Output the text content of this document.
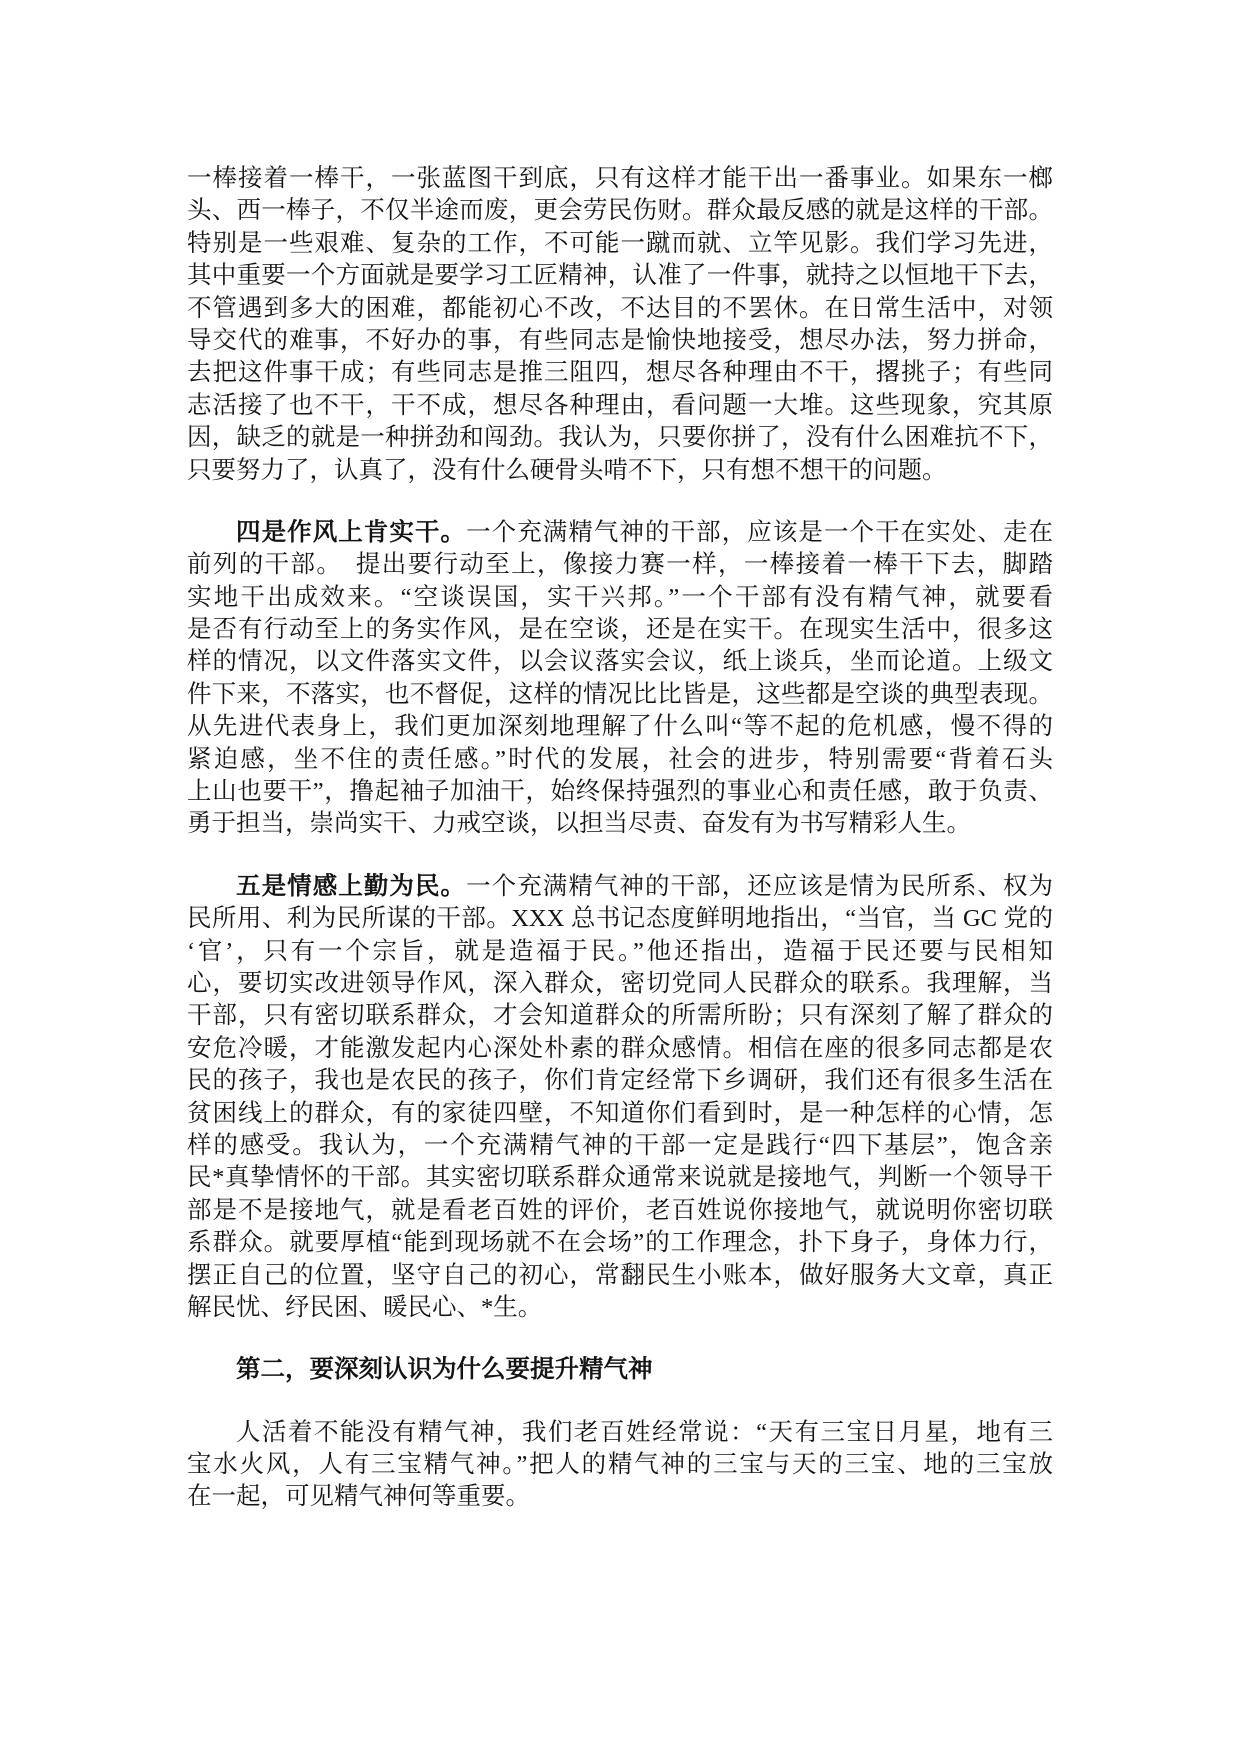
一棒接着一棒干，一张蓝图干到底，只有这样才能干出一番事业。如果东一榔
头、西一棒子，不仅半途而废，更会劳民伤财。群众最反感的就是这样的干部。
特别是一些艰难、复杂的工作，不可能一蹴而就、立竿见影。我们学习先进，
其中重要一个方面就是要学习工匠精神，认准了一件事，就持之以恒地干下去，
不管遇到多大的困难，都能初心不改，不达目的不罢休。在日常生活中，对领
导交代的难事，不好办的事，有些同志是愉快地接受，想尽办法，努力拼命，
去把这件事干成；有些同志是推三阻四，想尽各种理由不干，撂挑子；有些同
志活接了也不干，干不成，想尽各种理由，看问题一大堆。这些现象，究其原
因，缺乏的就是一种拼劲和闯劲。我认为，只要你拼了，没有什么困难抗不下，
只要努力了，认真了，没有什么硬骨头啃不下，只有想不想干的问题。
四是作风上肯实干。一个充满精气神的干部，应该是一个干在实处、走在
前列的干部。　提出要行动至上，像接力赛一样，一棒接着一棒干下去，脚踏
实地干出成效来。“空谈误国，实干兴邦。”一个干部有没有精气神，就要看
是否有行动至上的务实作风，是在空谈，还是在实干。在现实生活中，很多这
样的情况，以文件落实文件，以会议落实会议，纸上谈兵，坐而论道。上级文
件下来，不落实，也不督促，这样的情况比比皆是，这些都是空谈的典型表现。
从先进代表身上，我们更加深刻地理解了什么叫“等不起的危机感，慢不得的
紧迫感，坐不住的责任感。”时代的发展，社会的进步，特别需要“背着石头
上山也要干”，撸起袖子加油干，始终保持强烈的事业心和责任感，敢于负责、
勇于担当，崇尚实干、力戒空谈，以担当尽责、奋发有为书写精彩人生。
五是情感上勤为民。一个充满精气神的干部，还应该是情为民所系、权为
民所用、利为民所谋的干部。XXX 总书记态度鲜明地指出，“当官，当 GC 党的
‘官’，只有一个宗旨，就是造福于民。”他还指出，造福于民还要与民相知
心，要切实改进领导作风，深入群众，密切党同人民群众的联系。我理解，当
干部，只有密切联系群众，才会知道群众的所需所盼；只有深刻了解了群众的
安危冷暖，才能激发起内心深处朴素的群众感情。相信在座的很多同志都是农
民的孩子，我也是农民的孩子，你们肯定经常下乡调研，我们还有很多生活在
贫困线上的群众，有的家徒四壁，不知道你们看到时，是一种怎样的心情，怎
样的感受。我认为，一个充满精气神的干部一定是践行“四下基层”，饱含亲
民*真挚情怀的干部。其实密切联系群众通常来说就是接地气，判断一个领导干
部是不是接地气，就是看老百姓的评价，老百姓说你接地气，就说明你密切联
系群众。就要厚植“能到现场就不在会场”的工作理念，扑下身子，身体力行，
摆正自己的位置，坚守自己的初心，常翻民生小账本，做好服务大文章，真正
解民忧、纾民困、暖民心、*生。
第二，要深刻认识为什么要提升精气神
人活着不能没有精气神，我们老百姓经常说：“天有三宝日月星，地有三
宝水火风，人有三宝精气神。”把人的精气神的三宝与天的三宝、地的三宝放
在一起，可见精气神何等重要。
